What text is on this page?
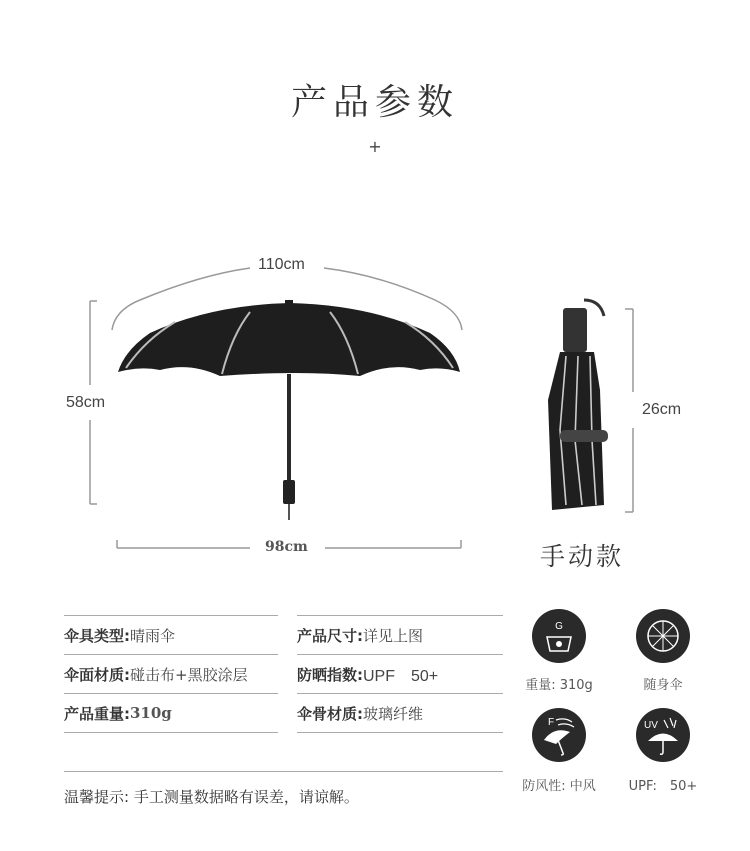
产品参数
+
110cm
58cm
98cm
26cm
手动款
伞具类型: 晴雨伞
伞面材质: 碰击布+黑胶涂层
产品重量: 310g
产品尺寸: 详见上图
防晒指数: UPF　50+
伞骨材质: 玻璃纤维
温馨提示: 手工测量数据略有误差，请谅解。
G
重量: 310g	随身伞
F
防风性: 中风
UV
UPF:　50+
